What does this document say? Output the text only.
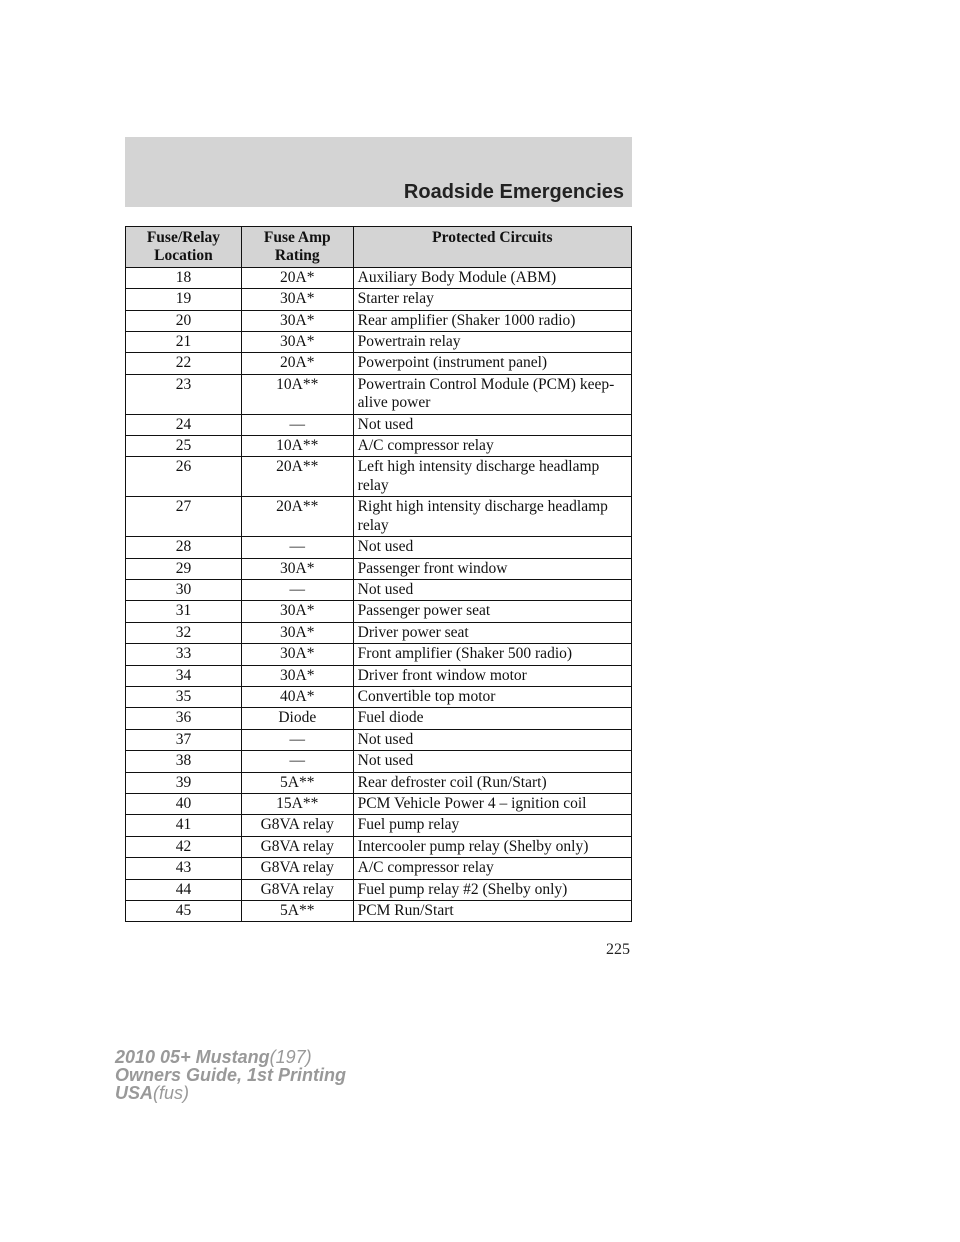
Roadside Emergencies
Fuse/Relay Location	Fuse Amp Rating	Protected Circuits
18	20A*	Auxiliary Body Module (ABM)
19	30A*	Starter relay
20	30A*	Rear amplifier (Shaker 1000 radio)
21	30A*	Powertrain relay
22	20A*	Powerpoint (instrument panel)
23	10A**	Powertrain Control Module (PCM) keep-alive power
24	—	Not used
25	10A**	A/C compressor relay
26	20A**	Left high intensity discharge headlamp relay
27	20A**	Right high intensity discharge headlamp relay
28	—	Not used
29	30A*	Passenger front window
30	—	Not used
31	30A*	Passenger power seat
32	30A*	Driver power seat
33	30A*	Front amplifier (Shaker 500 radio)
34	30A*	Driver front window motor
35	40A*	Convertible top motor
36	Diode	Fuel diode
37	—	Not used
38	—	Not used
39	5A**	Rear defroster coil (Run/Start)
40	15A**	PCM Vehicle Power 4 – ignition coil
41	G8VA relay	Fuel pump relay
42	G8VA relay	Intercooler pump relay (Shelby only)
43	G8VA relay	A/C compressor relay
44	G8VA relay	Fuel pump relay #2 (Shelby only)
45	5A**	PCM Run/Start
225
2010 05+ Mustang(197)
Owners Guide, 1st Printing
USA(fus)
